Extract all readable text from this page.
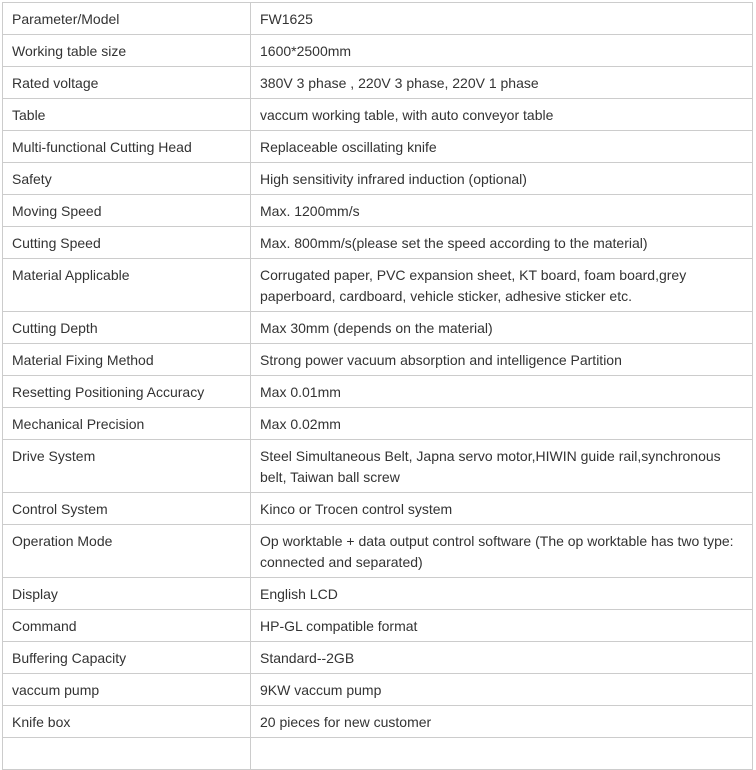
Parameter/Model	FW1625
Working table size	1600*2500mm
Rated voltage	380V 3 phase , 220V 3 phase, 220V 1 phase
Table	vaccum working table, with auto conveyor table
Multi-functional Cutting Head	Replaceable oscillating knife
Safety	High sensitivity infrared induction (optional)
Moving Speed	Max. 1200mm/s
Cutting Speed	Max. 800mm/s(please set the speed according to the material)
Material Applicable	Corrugated paper, PVC expansion sheet, KT board, foam board,grey paperboard, cardboard, vehicle sticker, adhesive sticker etc.
Cutting Depth	Max 30mm (depends on the material)
Material Fixing Method	Strong power vacuum absorption and intelligence Partition
Resetting Positioning Accuracy	Max 0.01mm
Mechanical Precision	Max 0.02mm
Drive System	Steel Simultaneous Belt, Japna servo motor,HIWIN guide rail,synchronous belt, Taiwan ball screw
Control System	Kinco or Trocen control system
Operation Mode	Op worktable + data output control software (The op worktable has two type: connected and separated)
Display	English LCD
Command	HP-GL compatible format
Buffering Capacity	Standard--2GB
vaccum pump	9KW vaccum pump
Knife box	20 pieces for new customer
